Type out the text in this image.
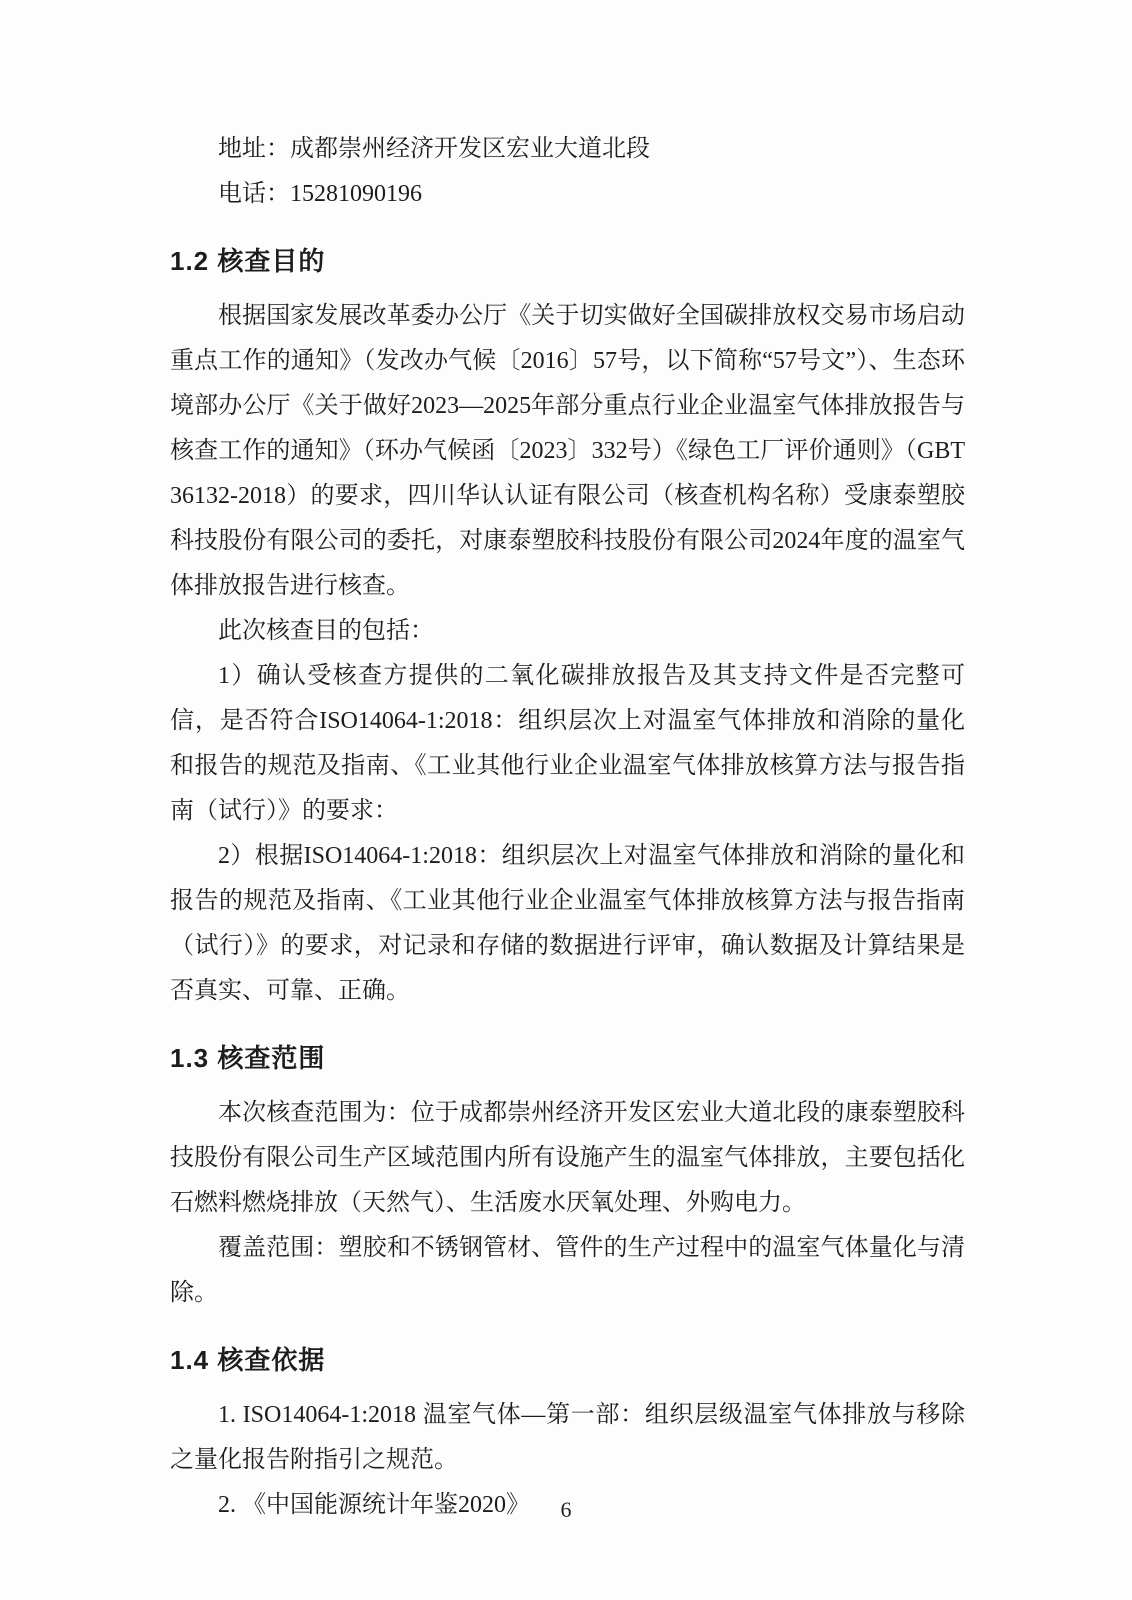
地址：成都崇州经济开发区宏业大道北段

电话：15281090196

1.2 核查目的

根据国家发展改革委办公厅《关于切实做好全国碳排放权交易市场启动重点工作的通知》（发改办气候〔2016〕57号，以下简称“57号文”）、生态环境部办公厅《关于做好2023—2025年部分重点行业企业温室气体排放报告与核查工作的通知》（环办气候函〔2023〕332号）《绿色工厂评价通则》（GBT36132-2018）的要求，四川华认认证有限公司（核查机构名称）受康泰塑胶科技股份有限公司的委托，对康泰塑胶科技股份有限公司2024年度的温室气体排放报告进行核查。

此次核查目的包括：

1）确认受核查方提供的二氧化碳排放报告及其支持文件是否完整可信，是否符合ISO14064-1:2018：组织层次上对温室气体排放和消除的量化和报告的规范及指南、《工业其他行业企业温室气体排放核算方法与报告指南（试行）》的要求：

2）根据ISO14064-1:2018：组织层次上对温室气体排放和消除的量化和报告的规范及指南、《工业其他行业企业温室气体排放核算方法与报告指南（试行）》的要求，对记录和存储的数据进行评审，确认数据及计算结果是否真实、可靠、正确。

1.3 核查范围

本次核查范围为：位于成都崇州经济开发区宏业大道北段的康泰塑胶科技股份有限公司生产区域范围内所有设施产生的温室气体排放，主要包括化石燃料燃烧排放（天然气）、生活废水厌氧处理、外购电力。

覆盖范围：塑胶和不锈钢管材、管件的生产过程中的温室气体量化与清除。

1.4 核查依据

1. ISO14064-1:2018 温室气体—第一部：组织层级温室气体排放与移除之量化报告附指引之规范。

2. 《中国能源统计年鉴2020》	6
